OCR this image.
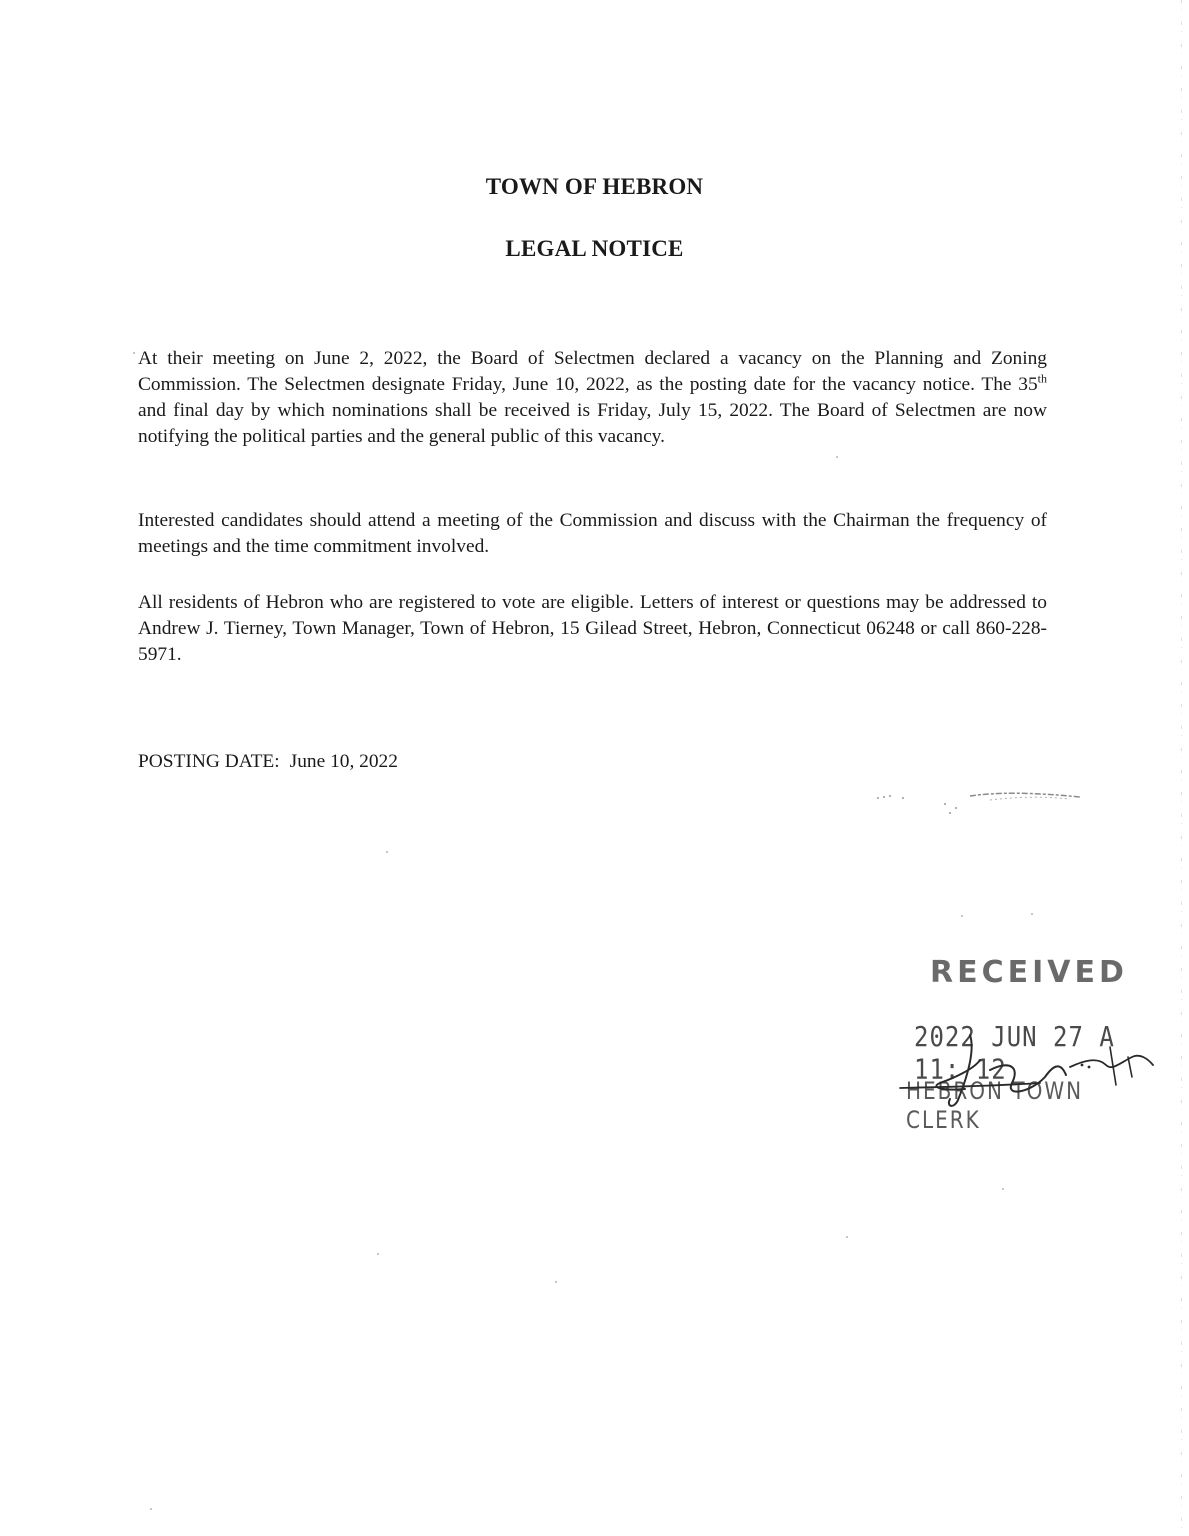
TOWN OF HEBRON
LEGAL NOTICE

At their meeting on June 2, 2022, the Board of Selectmen declared a vacancy on the Planning and Zoning Commission. The Selectmen designate Friday, June 10, 2022, as the posting date for the vacancy notice. The 35th and final day by which nominations shall be received is Friday, July 15, 2022. The Board of Selectmen are now notifying the political parties and the general public of this vacancy.

Interested candidates should attend a meeting of the Commission and discuss with the Chairman the frequency of meetings and the time commitment involved.

All residents of Hebron who are registered to vote are eligible. Letters of interest or questions may be addressed to Andrew J. Tierney, Town Manager, Town of Hebron, 15 Gilead Street, Hebron, Connecticut 06248 or call 860-228-5971.

POSTING DATE: June 10, 2022

RECEIVED
2022 JUN 27 A 11: 12
HEBRON TOWN CLERK
